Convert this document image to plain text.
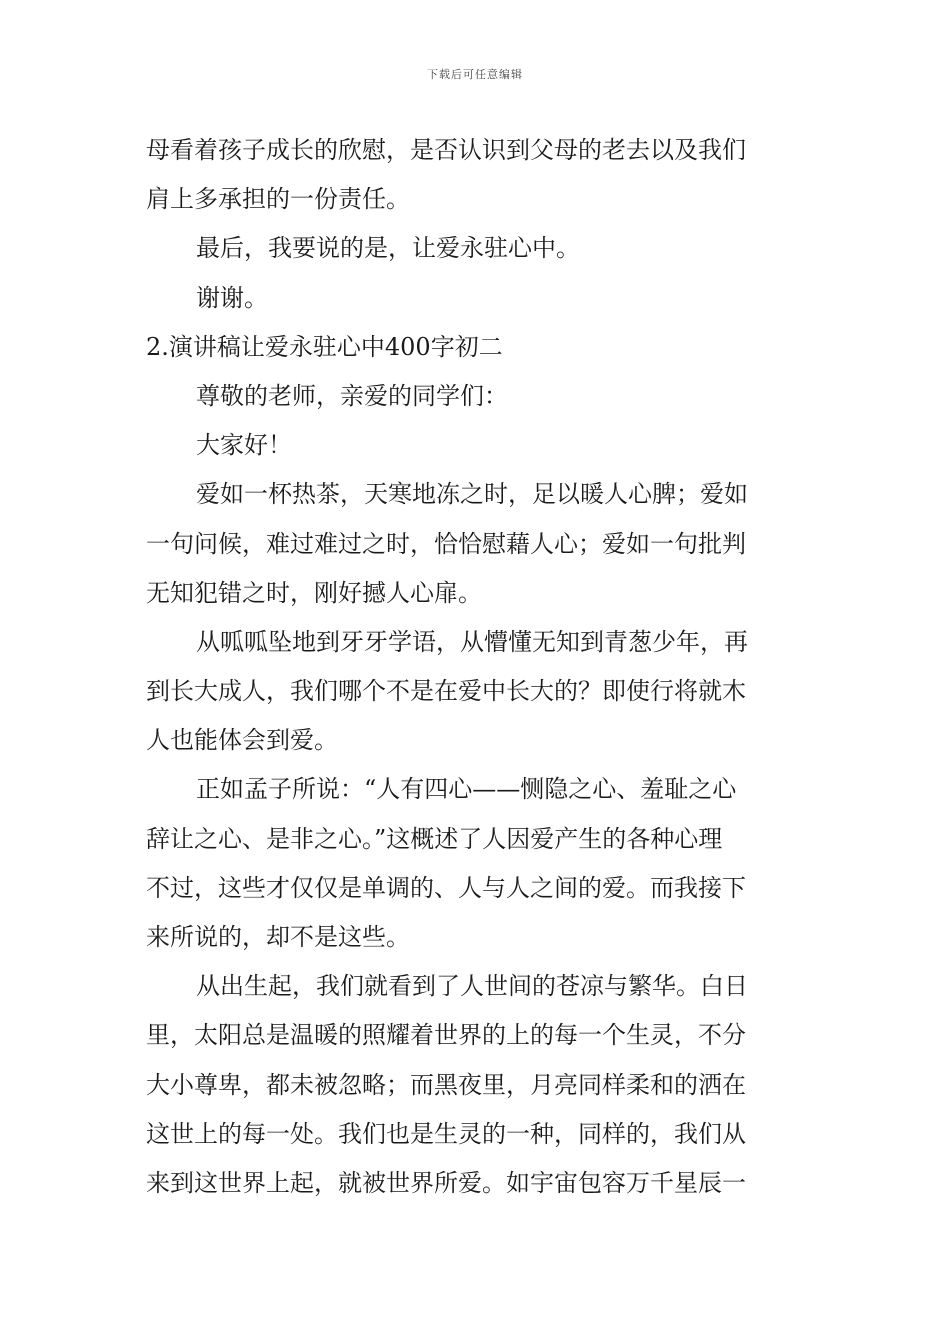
下载后可任意编辑
母看着孩子成长的欣慰，是否认识到父母的老去以及我们
肩上多承担的一份责任。
最后，我要说的是，让爱永驻心中。
谢谢。
2.演讲稿让爱永驻心中400字初二
尊敬的老师，亲爱的同学们：
大家好！
爱如一杯热茶，天寒地冻之时，足以暖人心脾；爱如
一句问候，难过难过之时，恰恰慰藉人心；爱如一句批判
无知犯错之时，刚好撼人心扉。
从呱呱坠地到牙牙学语，从懵懂无知到青葱少年，再
到长大成人，我们哪个不是在爱中长大的？即使行将就木
人也能体会到爱。
正如孟子所说：“人有四心——恻隐之心、羞耻之心
辞让之心、是非之心。”这概述了人因爱产生的各种心理
不过，这些才仅仅是单调的、人与人之间的爱。而我接下
来所说的，却不是这些。
从出生起，我们就看到了人世间的苍凉与繁华。白日
里，太阳总是温暖的照耀着世界的上的每一个生灵，不分
大小尊卑，都未被忽略；而黑夜里，月亮同样柔和的洒在
这世上的每一处。我们也是生灵的一种，同样的，我们从
来到这世界上起，就被世界所爱。如宇宙包容万千星辰一
